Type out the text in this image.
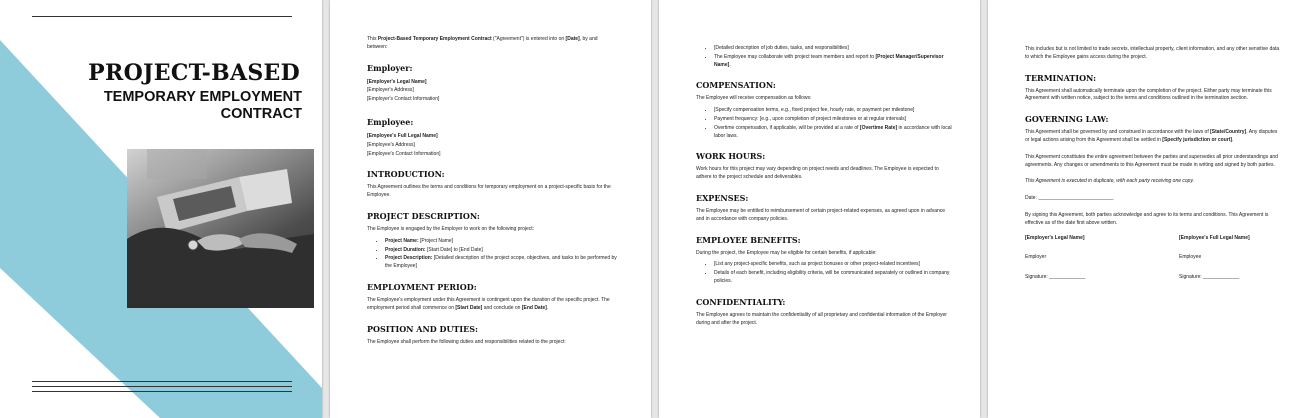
PROJECT-BASED
TEMPORARY EMPLOYMENT
CONTRACT
This Project-Based Temporary Employment Contract ("Agreement") is entered into on [Date], by and between:
Employer:
[Employer's Legal Name]
[Employer's Address]
[Employer's Contact Information]
Employee:
[Employee's Full Legal Name]
[Employee's Address]
[Employee's Contact Information]
INTRODUCTION:
This Agreement outlines the terms and conditions for temporary employment on a project-specific basis for the Employee.
PROJECT DESCRIPTION:
The Employee is engaged by the Employer to work on the following project:
• Project Name: [Project Name]
• Project Duration: [Start Date] to [End Date]
• Project Description: [Detailed description of the project scope, objectives, and tasks to be performed by the Employee]
EMPLOYMENT PERIOD:
The Employee's employment under this Agreement is contingent upon the duration of the specific project. The employment period shall commence on [Start Date] and conclude on [End Date].
POSITION AND DUTIES:
The Employee shall perform the following duties and responsibilities related to the project:
• [Detailed description of job duties, tasks, and responsibilities]
• The Employee may collaborate with project team members and report to [Project Manager/Supervisor Name].
COMPENSATION:
The Employee will receive compensation as follows:
• [Specify compensation terms, e.g., fixed project fee, hourly rate, or payment per milestone]
• Payment frequency: [e.g., upon completion of project milestones or at regular intervals]
• Overtime compensation, if applicable, will be provided at a rate of [Overtime Rate] in accordance with local labor laws.
WORK HOURS:
Work hours for this project may vary depending on project needs and deadlines. The Employee is expected to adhere to the project schedule and deliverables.
EXPENSES:
The Employee may be entitled to reimbursement of certain project-related expenses, as agreed upon in advance and in accordance with company policies.
EMPLOYEE BENEFITS:
During the project, the Employee may be eligible for certain benefits, if applicable:
• [List any project-specific benefits, such as project bonuses or other project-related incentives]
• Details of each benefit, including eligibility criteria, will be communicated separately or outlined in company policies.
CONFIDENTIALITY:
The Employee agrees to maintain the confidentiality of all proprietary and confidential information of the Employer during and after the project.
This includes but is not limited to trade secrets, intellectual property, client information, and any other sensitive data to which the Employee gains access during the project.
TERMINATION:
This Agreement shall automatically terminate upon the completion of the project. Either party may terminate this Agreement with written notice, subject to the terms and conditions outlined in the termination section.
GOVERNING LAW:
This Agreement shall be governed by and construed in accordance with the laws of [State/Country]. Any disputes or legal actions arising from this Agreement shall be settled in [Specify jurisdiction or court].
This Agreement constitutes the entire agreement between the parties and supersedes all prior understandings and agreements. Any changes or amendments to this Agreement must be made in writing and signed by both parties.
This Agreement is executed in duplicate, with each party receiving one copy.
Date: ___________________________
By signing this Agreement, both parties acknowledge and agree to its terms and conditions. This Agreement is effective as of the date first above written.
[Employer's Legal Name]
Employer
Signature: _____________
[Employee's Full Legal Name]
Employee
Signature: _____________
